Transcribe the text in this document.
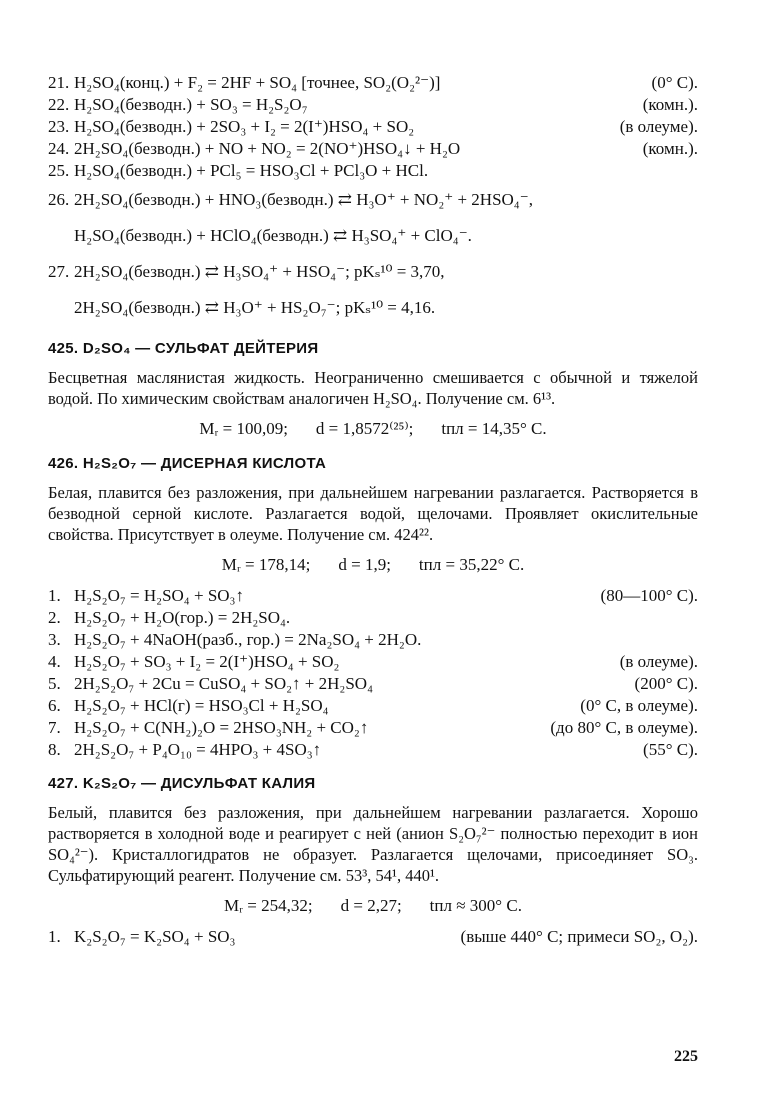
21. H₂SO₄(конц.) + F₂ = 2HF + SO₄ [точнее, SO₂(O₂²⁻)]	(0° C).
22. H₂SO₄(безводн.) + SO₃ = H₂S₂O₇	(комн.).
23. H₂SO₄(безводн.) + 2SO₃ + I₂ = 2(I⁺)HSO₄ + SO₂	(в олеуме).
24. 2H₂SO₄(безводн.) + NO + NO₂ = 2(NO⁺)HSO₄↓ + H₂O	(комн.).
25. H₂SO₄(безводн.) + PCl₅ = HSO₃Cl + PCl₃O + HCl.
26. 2H₂SO₄(безводн.) + HNO₃(безводн.) ⇄ H₃O⁺ + NO₂⁺ + 2HSO₄⁻,
H₂SO₄(безводн.) + HClO₄(безводн.) ⇄ H₃SO₄⁺ + ClO₄⁻.
27. 2H₂SO₄(безводн.) ⇄ H₃SO₄⁺ + HSO₄⁻; pKₛ¹⁰ = 3,70,
2H₂SO₄(безводн.) ⇄ H₃O⁺ + HS₂O₇⁻; pKₛ¹⁰ = 4,16.
425. D₂SO₄ — СУЛЬФАТ ДЕЙТЕРИЯ

Бесцветная маслянистая жидкость. Неограниченно смешивается с обычной и тяжелой водой. По химическим свойствам аналогичен H₂SO₄. Получение см. 6¹³.

Mᵣ = 100,09; d = 1,8572⁽²⁵⁾; tпл = 14,35° C.
426. H₂S₂O₇ — ДИСЕРНАЯ КИСЛОТА

Белая, плавится без разложения, при дальнейшем нагревании разлагается. Растворяется в безводной серной кислоте. Разлагается водой, щелочами. Проявляет окислительные свойства. Присутствует в олеуме. Получение см. 424²².

Mᵣ = 178,14; d = 1,9; tпл = 35,22° C.
1. H₂S₂O₇ = H₂SO₄ + SO₃↑	(80—100° C).
2. H₂S₂O₇ + H₂O(гор.) = 2H₂SO₄.
3. H₂S₂O₇ + 4NaOH(разб., гор.) = 2Na₂SO₄ + 2H₂O.
4. H₂S₂O₇ + SO₃ + I₂ = 2(I⁺)HSO₄ + SO₂	(в олеуме).
5. 2H₂S₂O₇ + 2Cu = CuSO₄ + SO₂↑ + 2H₂SO₄	(200° C).
6. H₂S₂O₇ + HCl(г) = HSO₃Cl + H₂SO₄	(0° C, в олеуме).
7. H₂S₂O₇ + C(NH₂)₂O = 2HSO₃NH₂ + CO₂↑	(до 80° C, в олеуме).
8. 2H₂S₂O₇ + P₄O₁₀ = 4HPO₃ + 4SO₃↑	(55° C).
427. K₂S₂O₇ — ДИСУЛЬФАТ КАЛИЯ

Белый, плавится без разложения, при дальнейшем нагревании разлагается. Хорошо растворяется в холодной воде и реагирует с ней (анион S₂O₇²⁻ полностью переходит в ион SO₄²⁻). Кристаллогидратов не образует. Разлагается щелочами, присоединяет SO₃. Сульфатирующий реагент. Получение см. 53³, 54¹, 440¹.

Mᵣ = 254,32; d = 2,27; tпл ≈ 300° C.
1. K₂S₂O₇ = K₂SO₄ + SO₃	(выше 440° C; примеси SO₂, O₂).
225
